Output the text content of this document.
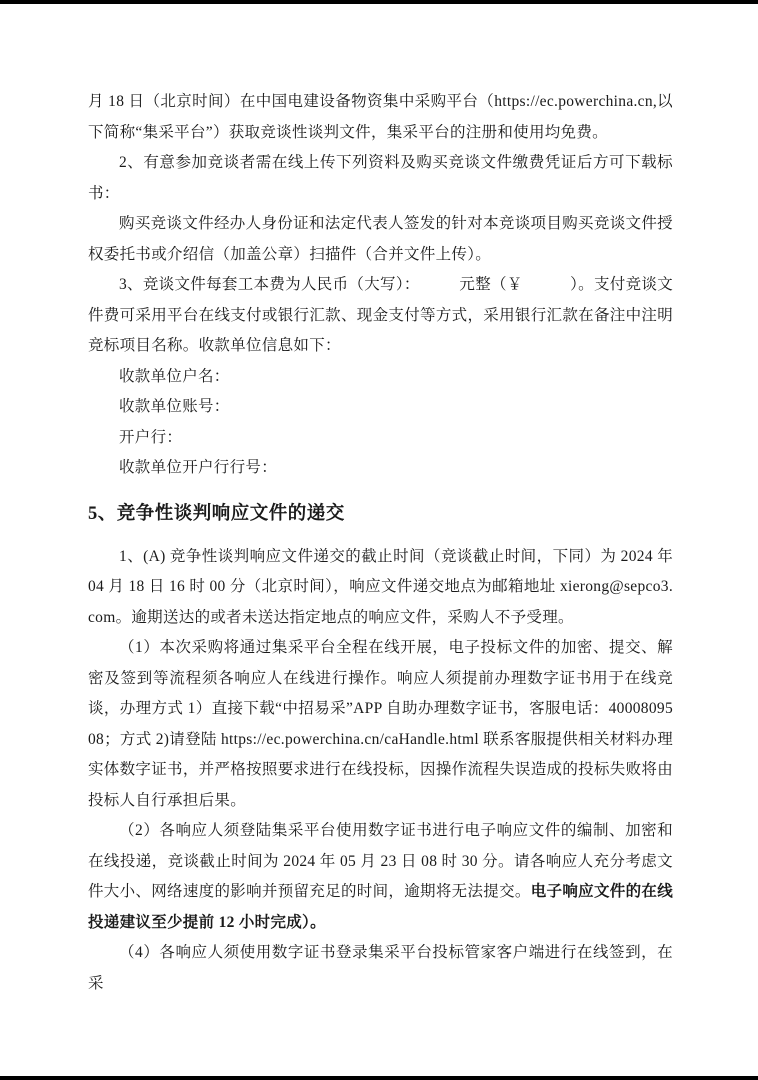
月 18 日（北京时间）在中国电建设备物资集中采购平台（https://ec.powerchina.cn,以下简称“集采平台”）获取竞谈性谈判文件，集采平台的注册和使用均免费。

2、有意参加竞谈者需在线上传下列资料及购买竞谈文件缴费凭证后方可下载标书：

购买竞谈文件经办人身份证和法定代表人签发的针对本竞谈项目购买竞谈文件授权委托书或介绍信（加盖公章）扫描件（合并文件上传）。

3、竞谈文件每套工本费为人民币（大写）：　　　元整（￥　　　）。支付竞谈文件费可采用平台在线支付或银行汇款、现金支付等方式，采用银行汇款在备注中注明竞标项目名称。收款单位信息如下：

收款单位户名：

收款单位账号：

开户行：

收款单位开户行行号：

5、竞争性谈判响应文件的递交

1、(A) 竞争性谈判响应文件递交的截止时间（竞谈截止时间，下同）为 2024 年 04 月 18 日 16 时 00 分（北京时间），响应文件递交地点为邮箱地址 xierong@sepco3.com。逾期送达的或者未送达指定地点的响应文件，采购人不予受理。

（1）本次采购将通过集采平台全程在线开展，电子投标文件的加密、提交、解密及签到等流程须各响应人在线进行操作。响应人须提前办理数字证书用于在线竞谈，办理方式 1）直接下载“中招易采”APP 自助办理数字证书，客服电话：4000809508；方式 2)请登陆 https://ec.powerchina.cn/caHandle.html 联系客服提供相关材料办理实体数字证书，并严格按照要求进行在线投标，因操作流程失误造成的投标失败将由投标人自行承担后果。

（2）各响应人须登陆集采平台使用数字证书进行电子响应文件的编制、加密和在线投递，竞谈截止时间为 2024 年 05 月 23 日 08 时 30 分。请各响应人充分考虑文件大小、网络速度的影响并预留充足的时间，逾期将无法提交。电子响应文件的在线投递建议至少提前 12 小时完成）。

（4）各响应人须使用数字证书登录集采平台投标管家客户端进行在线签到，在采
